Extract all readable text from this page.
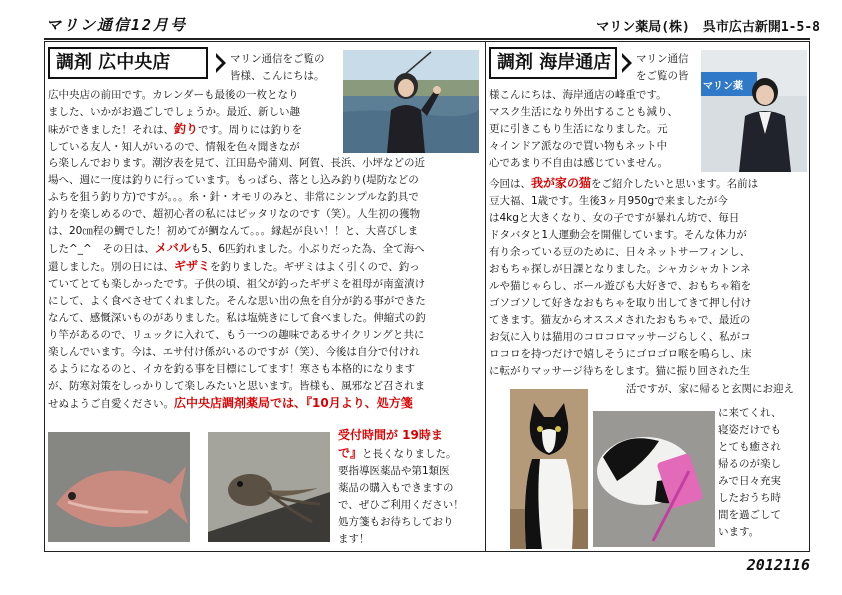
マリン通信12月号	マリン薬局(株)　呉市広古新開1-5-8
調剤 広中央店	マリン通信をご覧の
皆様、こんにちは。
広中央店の前田です。カレンダーも最後の一枚となり
ました、いかがお過ごしでしょうか。最近、新しい趣
味ができました！それは、釣りです。周りには釣りを
している友人・知人がいるので、情報を色々聞きなが
ら楽しんでおります。潮汐表を見て、江田島や蒲刈、阿賀、長浜、小坪などの近
場へ、週に一度は釣りに行っています。もっぱら、落とし込み釣り(堤防などの
ふちを狙う釣り方)ですが。。。糸・針・オモリのみと、非常にシンプルな釣具で
釣りを楽しめるので、超初心者の私にはピッタリなのです（笑）。人生初の獲物
は、20㎝程の鯛でした！初めてが鯛なんて。。。縁起が良い！！と、大喜びしま
した^_^　その日は、メバルも5、6匹釣れました。小ぶりだった為、全て海へ
還しました。別の日には、ギザミを釣りました。ギザミはよく引くので、釣っ
ていてとても楽しかったです。子供の頃、祖父が釣ったギザミを祖母が南蛮漬け
にして、よく食べさせてくれました。そんな思い出の魚を自分が釣る事ができた
なんて、感慨深いものがありました。私は塩焼きにして食べました。伸縮式の釣
り竿があるので、リュックに入れて、もう一つの趣味であるサイクリングと共に
楽しんでいます。今は、エサ付け係がいるのですが（笑）、今後は自分で付けれ
るようになるのと、イカを釣る事を目標にしてます！寒さも本格的になります
が、防寒対策をしっかりして楽しみたいと思います。皆様も、風邪など召されま
せぬようご自愛ください。広中央店調剤薬局では、『10月より、処方箋
受付時間が 19時ま
で』と長くなりました。
要指導医薬品や第1類医
薬品の購入もできますの
で、ぜひご利用ください！
処方箋もお待ちしており
ます！
調剤 海岸通店	マリン通信
をご覧の皆
マリン薬
様こんにちは、海岸通店の峰重です。
マスク生活になり外出することも減り、
更に引きこもり生活になりました。元
々インドア派なので買い物もネット中
心であまり不自由は感じていません。
今回は、我が家の猫をご紹介したいと思います。名前は
豆大福、1歳です。生後3ヶ月950gで来ましたが今
は4kgと大きくなり、女の子ですが暴れん坊で、毎日
ドタバタと1人運動会を開催しています。そんな体力が
有り余っている豆のために、日々ネットサーフィンし、
おもちゃ探しが日課となりました。シャカシャカトンネ
ルや猫じゃらし、ボール遊びも大好きで、おもちゃ箱を
ゴソゴソして好きなおもちゃを取り出してきて押し付け
てきます。猫友からオススメされたおもちゃで、最近の
お気に入りは猫用のコロコロマッサージらしく、私がコ
ロコロを持つだけで嬉しそうにゴロゴロ喉を鳴らし、床
に転がりマッサージ待ちをします。猫に振り回された生
活ですが、家に帰ると玄関にお迎え
に来てくれ、
寝姿だけでも
とても癒され
帰るのが楽し
みで日々充実
したおうち時
間を過ごして
います。
2012116
